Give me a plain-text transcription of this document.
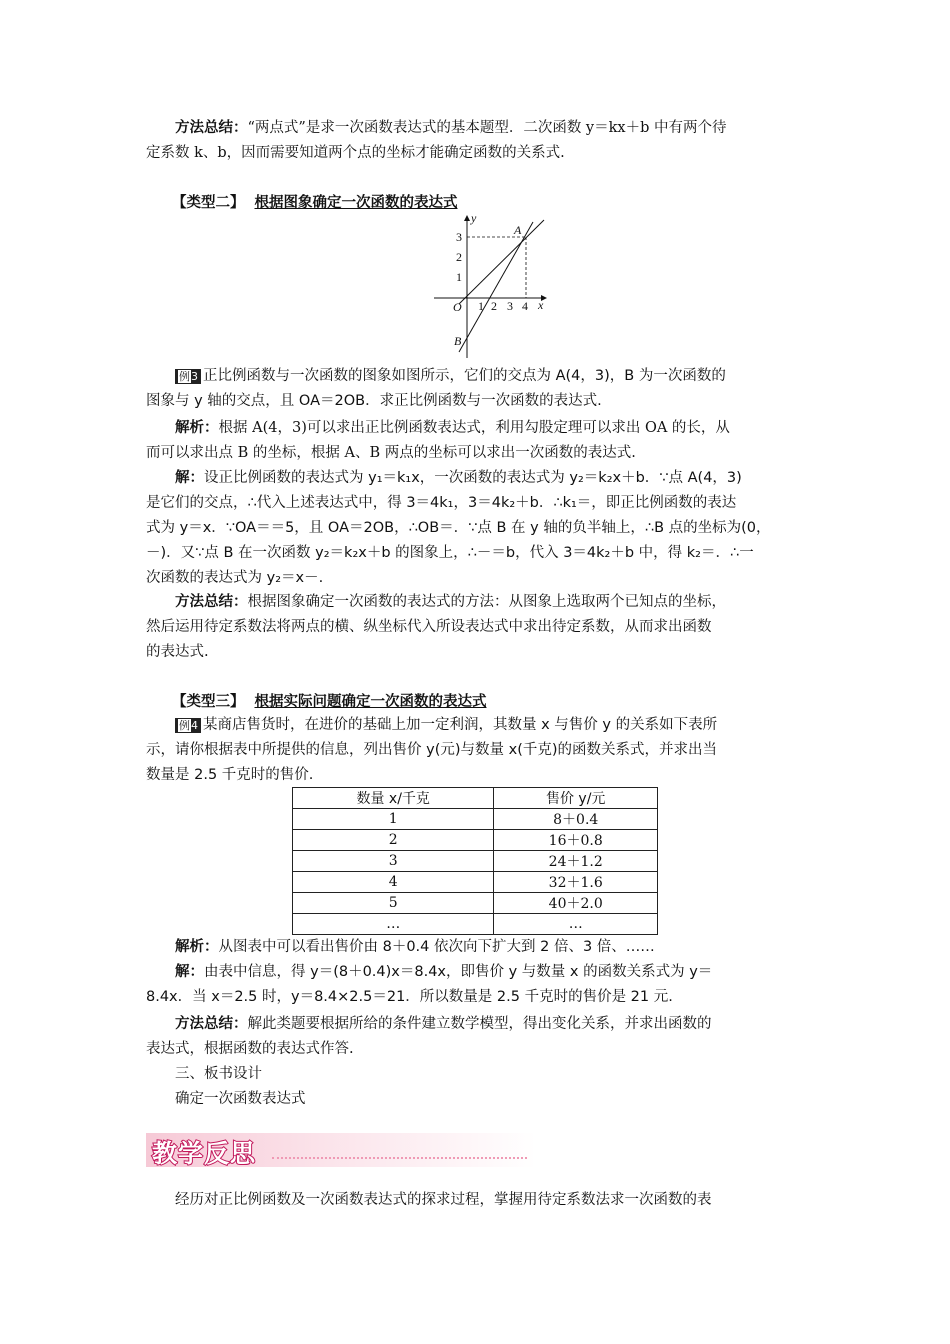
方法总结：“两点式”是求一次函数表达式的基本题型．二次函数 y＝kx＋b 中有两个待

定系数 k、b，因而需要知道两个点的坐标才能确定函数的关系式.

【类型二】 根据图象确定一次函数的表达式
y
x
O
A
B
3
2
1
1 2 3 4

例3 正比例函数与一次函数的图象如图所示，它们的交点为 A(4，3)，B 为一次函数的

图象与 y 轴的交点，且 OA＝2OB．求正比例函数与一次函数的表达式.

解析：根据 A(4，3)可以求出正比例函数表达式，利用勾股定理可以求出 OA 的长，从

而可以求出点 B 的坐标，根据 A、B 两点的坐标可以求出一次函数的表达式.

解：设正比例函数的表达式为 y₁＝k₁x，一次函数的表达式为 y₂＝k₂x＋b．∵点 A(4，3)

是它们的交点，∴代入上述表达式中，得 3＝4k₁，3＝4k₂＋b．∴k₁＝，即正比例函数的表达

式为 y＝x．∵OA＝＝5，且 OA＝2OB，∴OB＝．∵点 B 在 y 轴的负半轴上，∴B 点的坐标为(0，

－)．又∵点 B 在一次函数 y₂＝k₂x＋b 的图象上，∴－＝b，代入 3＝4k₂＋b 中，得 k₂＝．∴一

次函数的表达式为 y₂＝x－.

方法总结：根据图象确定一次函数的表达式的方法：从图象上选取两个已知点的坐标，

然后运用待定系数法将两点的横、纵坐标代入所设表达式中求出待定系数，从而求出函数

的表达式.

【类型三】 根据实际问题确定一次函数的表达式

例4 某商店售货时，在进价的基础上加一定利润，其数量 x 与售价 y 的关系如下表所

示，请你根据表中所提供的信息，列出售价 y(元)与数量 x(千克)的函数关系式，并求出当

数量是 2.5 千克时的售价.

数量 x/千克	售价 y/元
1	8＋0.4
2	16＋0.8
3	24＋1.2
4	32＋1.6
5	40＋2.0
…	…

解析：从图表中可以看出售价由 8＋0.4 依次向下扩大到 2 倍、3 倍、……

解：由表中信息，得 y＝(8＋0.4)x＝8.4x，即售价 y 与数量 x 的函数关系式为 y＝

8.4x．当 x＝2.5 时，y＝8.4×2.5＝21．所以数量是 2.5 千克时的售价是 21 元.

方法总结：解此类题要根据所给的条件建立数学模型，得出变化关系，并求出函数的

表达式，根据函数的表达式作答.

三、板书设计

确定一次函数表达式

教学反思

经历对正比例函数及一次函数表达式的探求过程，掌握用待定系数法求一次函数的表
